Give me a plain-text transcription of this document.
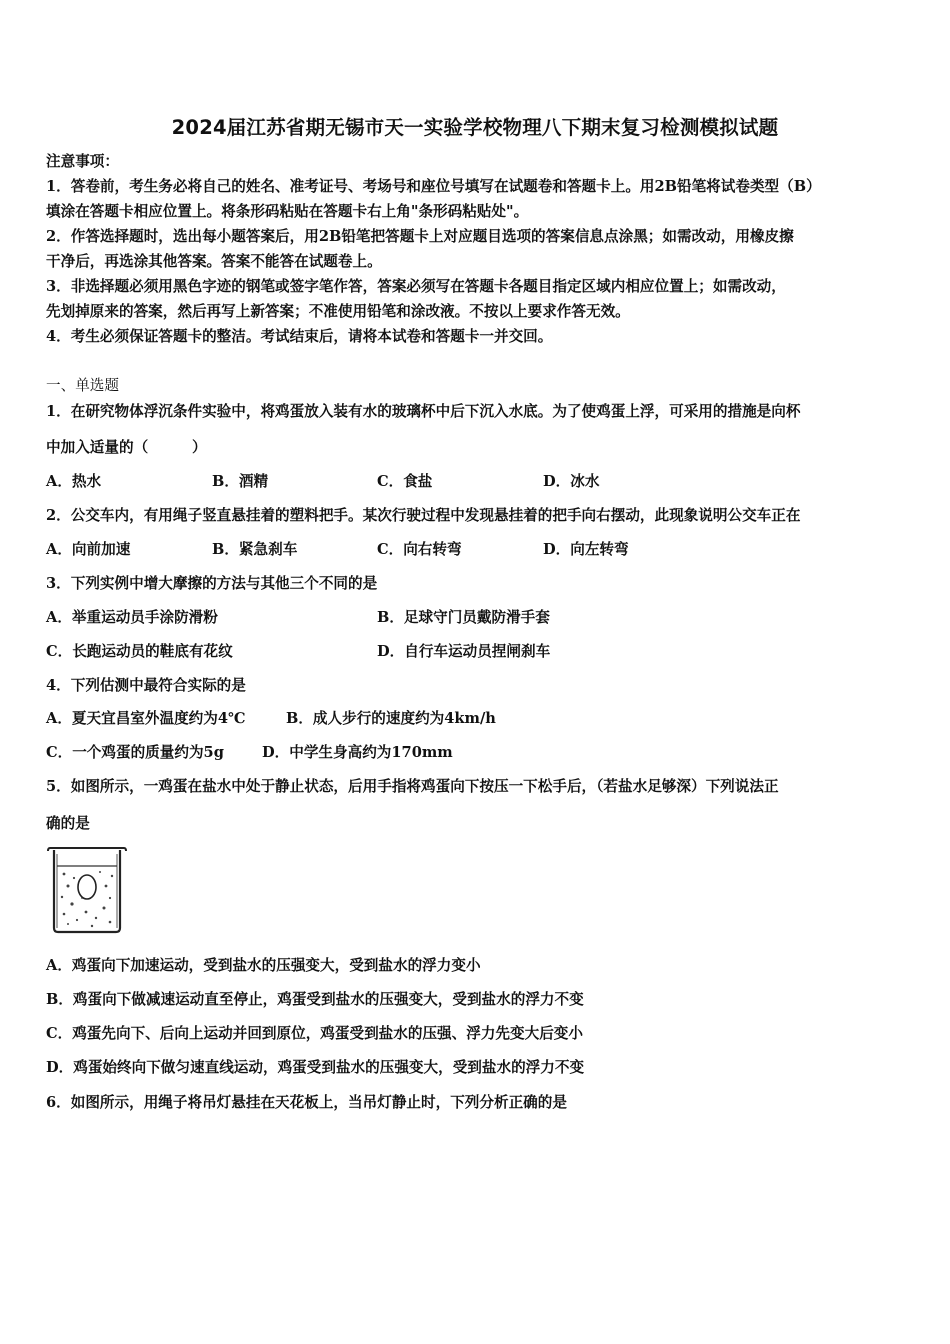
2024届江苏省期无锡市天一实验学校物理八下期末复习检测模拟试题
注意事项：
1．答卷前，考生务必将自己的姓名、准考证号、考场号和座位号填写在试题卷和答题卡上。用2B铅笔将试卷类型（B）
填涂在答题卡相应位置上。将条形码粘贴在答题卡右上角"条形码粘贴处"。
2．作答选择题时，选出每小题答案后，用2B铅笔把答题卡上对应题目选项的答案信息点涂黑；如需改动，用橡皮擦
干净后，再选涂其他答案。答案不能答在试题卷上。
3．非选择题必须用黑色字迹的钢笔或签字笔作答，答案必须写在答题卡各题目指定区域内相应位置上；如需改动，
先划掉原来的答案，然后再写上新答案；不准使用铅笔和涂改液。不按以上要求作答无效。
4．考生必须保证答题卡的整洁。考试结束后，请将本试卷和答题卡一并交回。
一、单选题
1．在研究物体浮沉条件实验中，将鸡蛋放入装有水的玻璃杯中后下沉入水底。为了使鸡蛋上浮，可采用的措施是向杯
中加入适量的（　　　）
A．热水	B．酒精	C．食盐	D．冰水
2．公交车内，有用绳子竖直悬挂着的塑料把手。某次行驶过程中发现悬挂着的把手向右摆动，此现象说明公交车正在
A．向前加速	B．紧急刹车	C．向右转弯	D．向左转弯
3．下列实例中增大摩擦的方法与其他三个不同的是
A．举重运动员手涂防滑粉	B．足球守门员戴防滑手套
C．长跑运动员的鞋底有花纹	D．自行车运动员捏闸刹车
4．下列估测中最符合实际的是
A．夏天宜昌室外温度约为4℃	B．成人步行的速度约为4km/h
C．一个鸡蛋的质量约为5g	D．中学生身高约为170mm
5．如图所示，一鸡蛋在盐水中处于静止状态，后用手指将鸡蛋向下按压一下松手后，（若盐水足够深）下列说法正
确的是
A．鸡蛋向下加速运动，受到盐水的压强变大，受到盐水的浮力变小
B．鸡蛋向下做减速运动直至停止，鸡蛋受到盐水的压强变大，受到盐水的浮力不变
C．鸡蛋先向下、后向上运动并回到原位，鸡蛋受到盐水的压强、浮力先变大后变小
D．鸡蛋始终向下做匀速直线运动，鸡蛋受到盐水的压强变大，受到盐水的浮力不变
6．如图所示，用绳子将吊灯悬挂在天花板上，当吊灯静止时，下列分析正确的是
